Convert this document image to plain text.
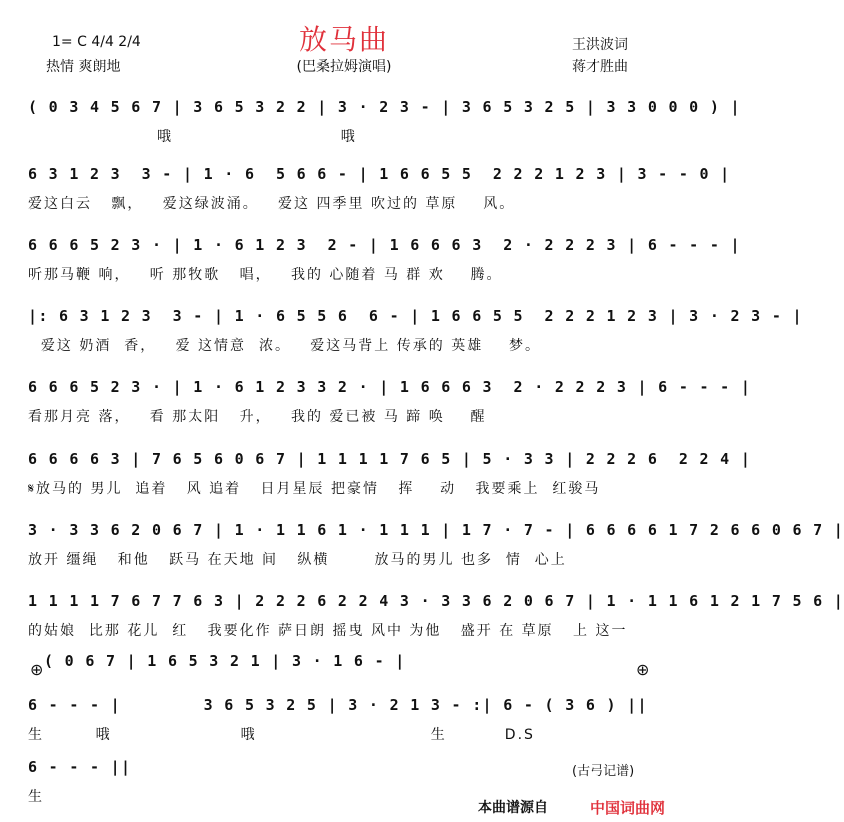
放马曲
(巴桑拉姆演唱)
1= C 4/4 2/4
热情 爽朗地
王洪波词
蒋才胜曲
( 0 3 4 5 6 7 | 3 6 5 3 2 2 | 3 · 2 3 - | 3 6 5 3 2 5 | 3 3 0 0 0 ) |
哦                          哦
6 3 1 2 3  3 - | 1 · 6  5 6 6 - | 1 6 6 5 5  2 2 2 1 2 3 | 3 - - 0 |
爱这白云   飘，   爱这绿波涌。   爱这 四季里 吹过的 草原    风。
6 6 6 5 2 3 · | 1 · 6 1 2 3  2 - | 1 6 6 6 3  2 · 2 2 2 3 | 6 - - - |
听那马鞭 响，   听 那牧歌   唱，   我的 心随着 马 群 欢    腾。
|: 6 3 1 2 3  3 - | 1 · 6 5 5 6  6 - | 1 6 6 5 5  2 2 2 1 2 3 | 3 · 2 3 - |
爱这 奶酒  香，   爱 这情意  浓。   爱这马背上 传承的 英雄    梦。
6 6 6 5 2 3 · | 1 · 6 1 2 3 3 2 · | 1 6 6 6 3  2 · 2 2 2 3 | 6 - - - |
看那月亮 落，   看 那太阳   升，   我的 爱已被 马 蹄 唤    醒
6 6 6 6 3 | 7 6 5 6 0 6 7 | 1 1 1 1 7 6 5 | 5 · 3 3 | 2 2 2 6  2 2 4 |
𝄋放马的 男儿  追着   风 追着   日月星辰 把豪情   挥    动   我要乘上  红骏马
3 · 3 3 6 2 0 6 7 | 1 · 1 1 6 1 · 1 1 1 | 1 7 · 7 - | 6 6 6 6 1 7 2 6 6 0 6 7 |
放开 缰绳   和他   跃马 在天地 间   纵横       放马的男儿 也多  情  心上
1 1 1 1 7 6 7 7 6 3 | 2 2 2 6 2 2 4 3 · 3 3 6 2 0 6 7 | 1 · 1 1 6 1 2 1 7 5 6 |
的姑娘  比那 花儿  红   我要化作 萨日朗 摇曳 风中 为他   盛开 在 草原   上 这一
( 0 6 7 | 1 6 5 3 2 1 | 3 · 1 6 - |
⊕	⊕
6 - - - |        3 6 5 3 2 5 | 3 · 2 1 3 - :| 6 - ( 3 6 ) ||
生        哦                    哦                           生         D.S
6 - - - ||
生
(古弓记谱)
本曲谱源自	中国词曲网
